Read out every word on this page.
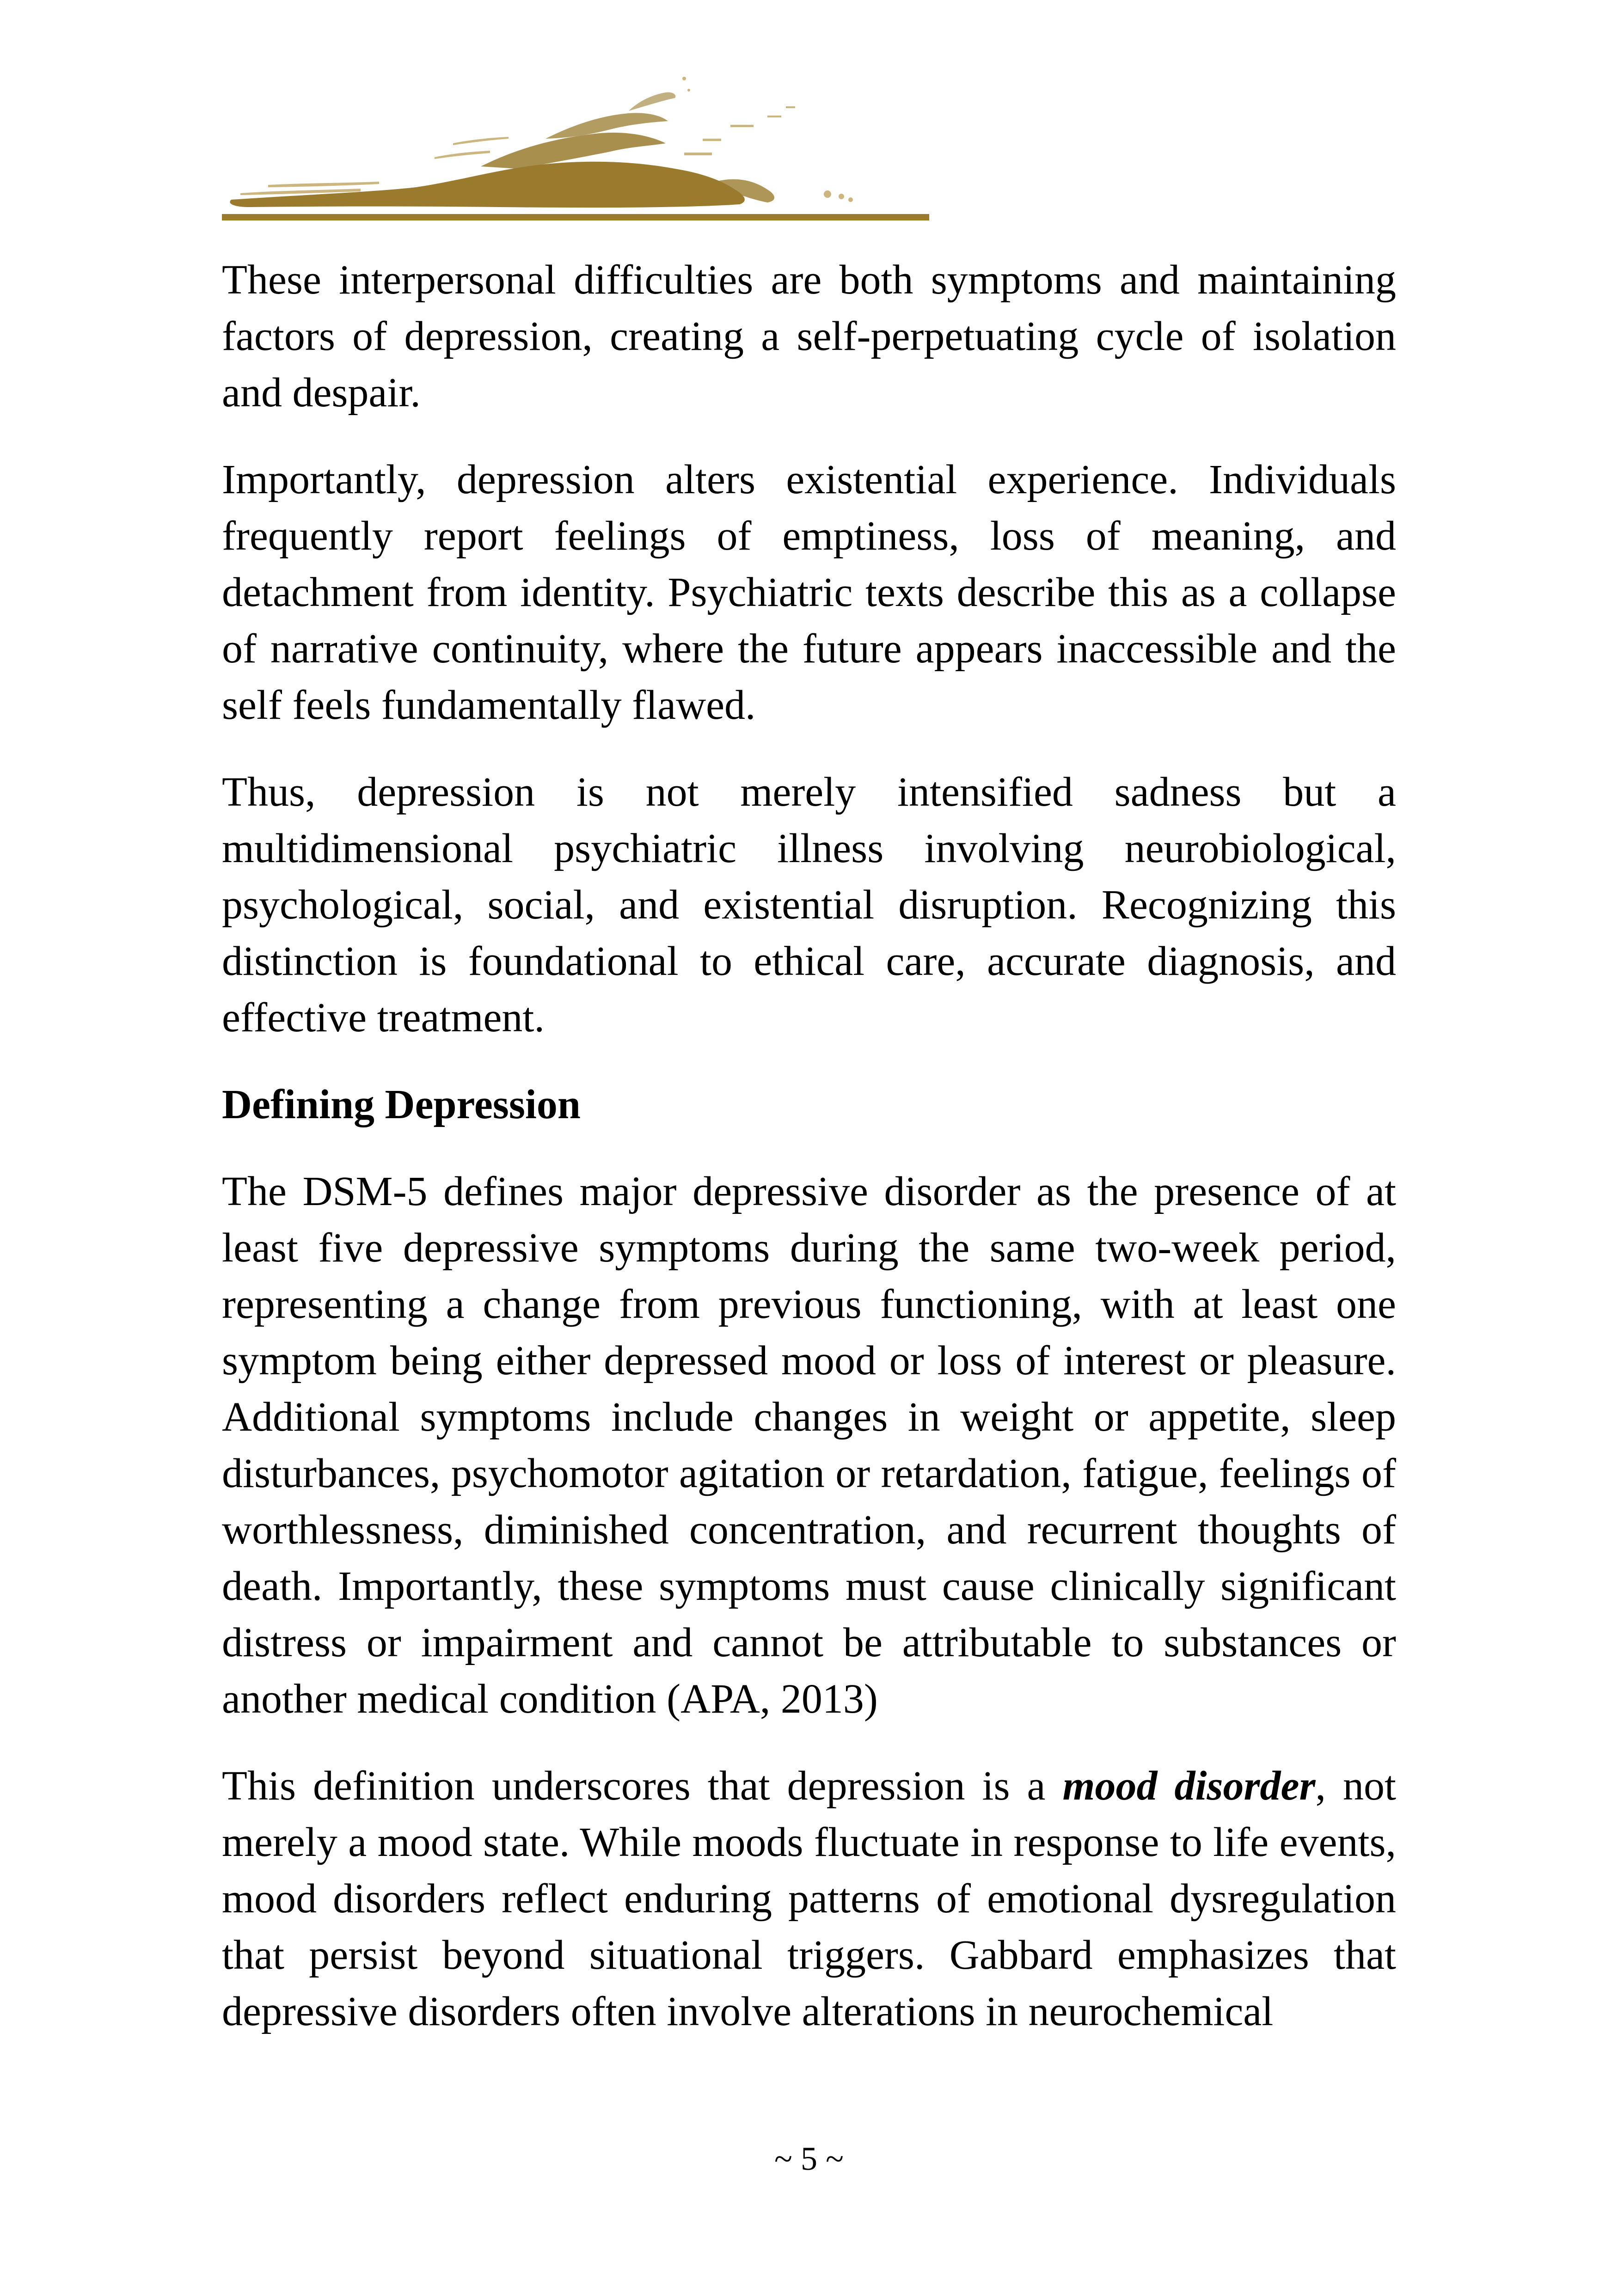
These interpersonal difficulties are both symptoms and maintaining factors of depression, creating a self-perpetuating cycle of isolation and despair.

Importantly, depression alters existential experience. Individuals frequently report feelings of emptiness, loss of meaning, and detachment from identity. Psychiatric texts describe this as a collapse of narrative continuity, where the future appears inaccessible and the self feels fundamentally flawed.

Thus, depression is not merely intensified sadness but a multidimensional psychiatric illness involving neurobiological, psychological, social, and existential disruption. Recognizing this distinction is foundational to ethical care, accurate diagnosis, and effective treatment.

Defining Depression

The DSM-5 defines major depressive disorder as the presence of at least five depressive symptoms during the same two-week period, representing a change from previous functioning, with at least one symptom being either depressed mood or loss of interest or pleasure. Additional symptoms include changes in weight or appetite, sleep disturbances, psychomotor agitation or retardation, fatigue, feelings of worthlessness, diminished concentration, and recurrent thoughts of death. Importantly, these symptoms must cause clinically significant distress or impairment and cannot be attributable to substances or another medical condition (APA, 2013)

This definition underscores that depression is a mood disorder, not merely a mood state. While moods fluctuate in response to life events, mood disorders reflect enduring patterns of emotional dysregulation that persist beyond situational triggers. Gabbard emphasizes that depressive disorders often involve alterations in neurochemical

~ 5 ~
